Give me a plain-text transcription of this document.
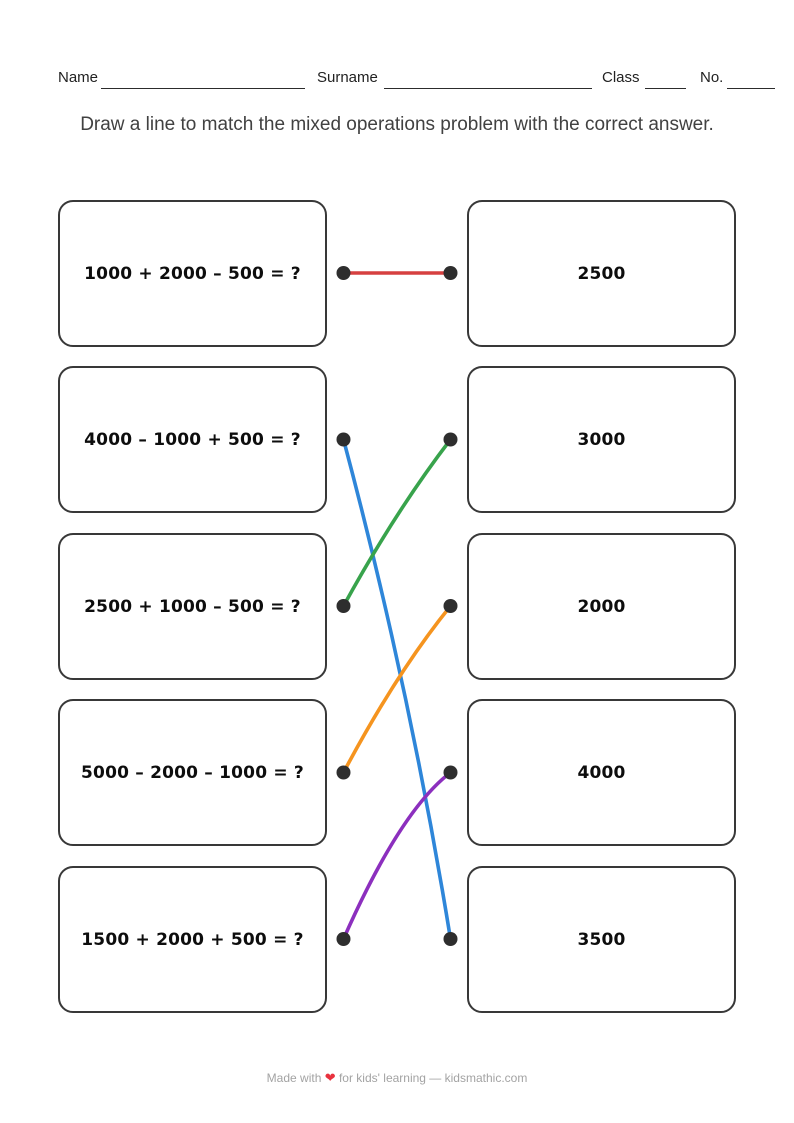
Name	Surname	Class	No.
Draw a line to match the mixed operations problem with the correct answer.
1000 + 2000 – 500 = ?
4000 – 1000 + 500 = ?
2500 + 1000 – 500 = ?
5000 – 2000 – 1000 = ?
1500 + 2000 + 500 = ?
2500
3000
2000
4000
3500
Made with ❤ for kids' learning — kidsmathic.com
